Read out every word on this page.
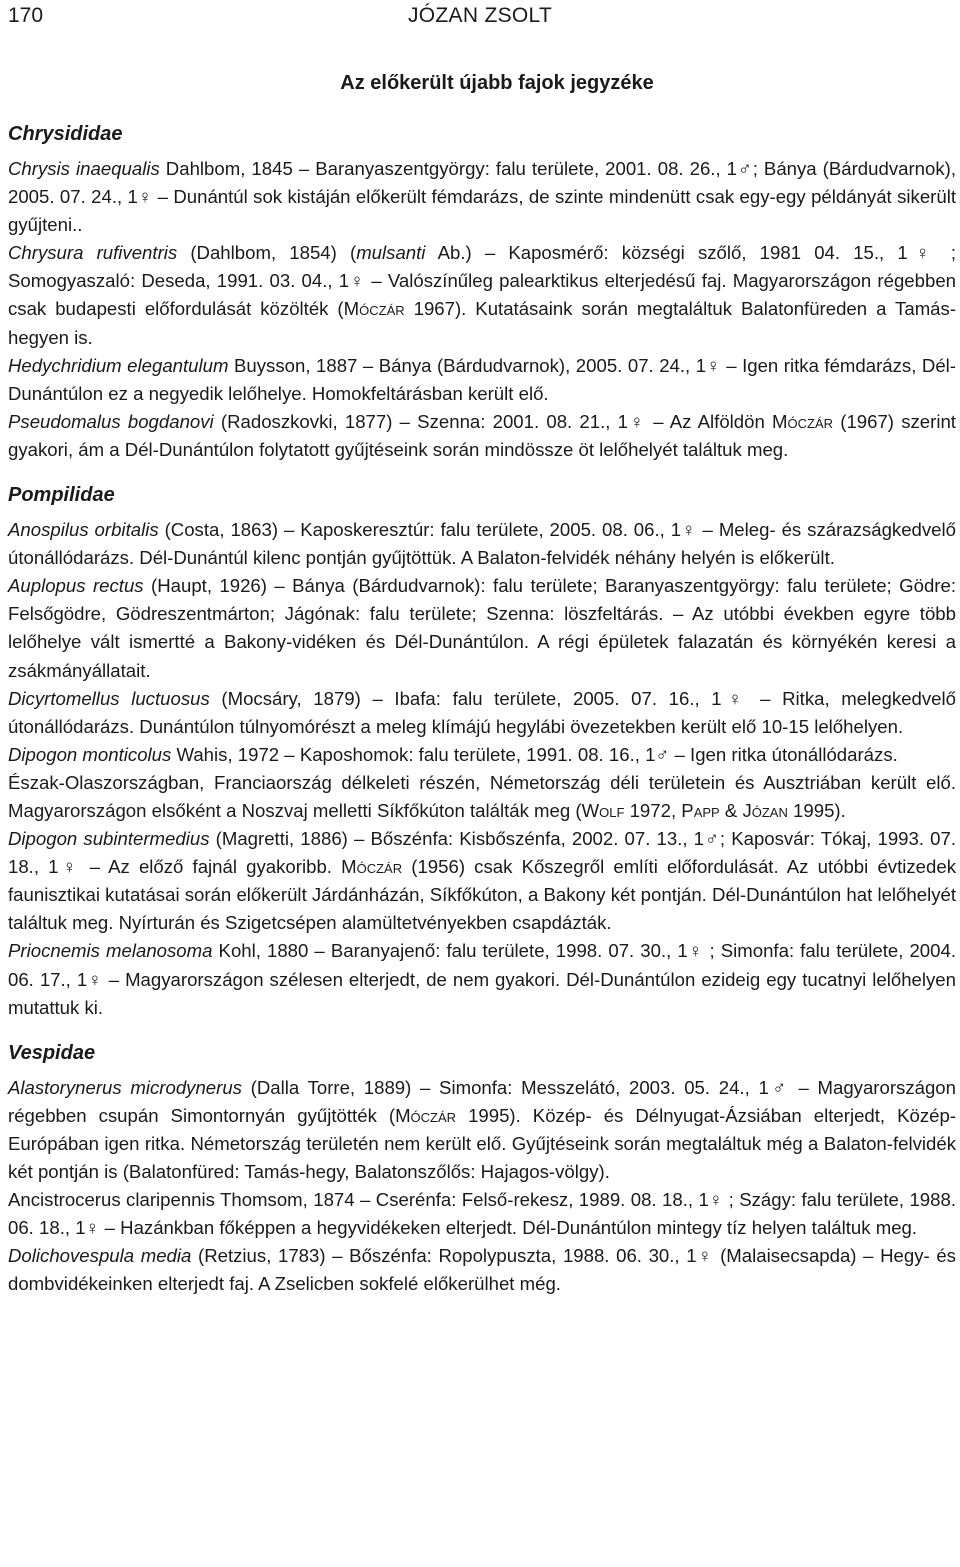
170	JÓZAN ZSOLT
Az előkerült újabb fajok jegyzéke
Chrysididae

Chrysis inaequalis Dahlbom, 1845 – Baranyaszentgyörgy: falu területe, 2001. 08. 26., 1♂; Bánya (Bárdudvarnok), 2005. 07. 24., 1♀ – Dunántúl sok kistáján előkerült fémdarázs, de szinte mindenütt csak egy-egy példányát sikerült gyűjteni..

Chrysura rufiventris (Dahlbom, 1854) (mulsanti Ab.) – Kaposmérő: községi szőlő, 1981 04. 15., 1♀ ; Somogyaszaló: Deseda, 1991. 03. 04., 1♀ – Valószínűleg palearktikus elterjedésű faj. Magyarországon régebben csak budapesti előfordulását közölték (Móczár 1967). Kutatásaink során megtaláltuk Balatonfüreden a Tamás-hegyen is.

Hedychridium elegantulum Buysson, 1887 – Bánya (Bárdudvarnok), 2005. 07. 24., 1♀ – Igen ritka fémdarázs, Dél-Dunántúlon ez a negyedik lelőhelye. Homokfeltárásban került elő.

Pseudomalus bogdanovi (Radoszkovki, 1877) – Szenna: 2001. 08. 21., 1♀ – Az Alföldön Móczár (1967) szerint gyakori, ám a Dél-Dunántúlon folytatott gyűjtéseink során mindössze öt lelőhelyét találtuk meg.

Pompilidae

Anospilus orbitalis (Costa, 1863) – Kaposkeresztúr: falu területe, 2005. 08. 06., 1♀ – Meleg- és szárazságkedvelő útonállódarázs. Dél-Dunántúl kilenc pontján gyűjtöttük. A Balaton-felvidék néhány helyén is előkerült.

Auplopus rectus (Haupt, 1926) – Bánya (Bárdudvarnok): falu területe; Baranyaszentgyörgy: falu területe; Gödre: Felsőgödre, Gödreszentmárton; Jágónak: falu területe; Szenna: löszfeltárás. – Az utóbbi években egyre több lelőhelye vált ismertté a Bakony-vidéken és Dél-Dunántúlon. A régi épületek falazatán és környékén keresi a zsákmányállatait.

Dicyrtomellus luctuosus (Mocsáry, 1879) – Ibafa: falu területe, 2005. 07. 16., 1♀ – Ritka, melegkedvelő útonállódarázs. Dunántúlon túlnyomórészt a meleg klímájú hegylábi övezetekben került elő 10-15 lelőhelyen.

Dipogon monticolus Wahis, 1972 – Kaposhomok: falu területe, 1991. 08. 16., 1♂ – Igen ritka útonállódarázs.

Észak-Olaszországban, Franciaország délkeleti részén, Németország déli területein és Ausztriában került elő. Magyarországon elsőként a Noszvaj melletti Síkfőkúton találták meg (Wolf 1972, Papp & Józan 1995).

Dipogon subintermedius (Magretti, 1886) – Bőszénfa: Kisbőszénfa, 2002. 07. 13., 1♂; Kaposvár: Tókaj, 1993. 07. 18., 1♀ – Az előző fajnál gyakoribb. Móczár (1956) csak Kőszegről említi előfordulását. Az utóbbi évtizedek faunisztikai kutatásai során előkerült Járdánházán, Síkfőkúton, a Bakony két pontján. Dél-Dunántúlon hat lelőhelyét találtuk meg. Nyírturán és Szigetcsépen alamültetvényekben csapdázták.

Priocnemis melanosoma Kohl, 1880 – Baranyajenő: falu területe, 1998. 07. 30., 1♀ ; Simonfa: falu területe, 2004. 06. 17., 1♀ – Magyarországon szélesen elterjedt, de nem gyakori. Dél-Dunántúlon ezideig egy tucatnyi lelőhelyen mutattuk ki.

Vespidae

Alastorynerus microdynerus (Dalla Torre, 1889) – Simonfa: Messzelátó, 2003. 05. 24., 1♂ – Magyarországon régebben csupán Simontornyán gyűjtötték (Móczár 1995). Közép- és Délnyugat-Ázsiában elterjedt, Közép-Európában igen ritka. Németország területén nem került elő. Gyűjtéseink során megtaláltuk még a Balaton-felvidék két pontján is (Balatonfüred: Tamás-hegy, Balatonszőlős: Hajagos-völgy).

Ancistrocerus claripennis Thomsom, 1874 – Cserénfa: Felső-rekesz, 1989. 08. 18., 1♀ ; Szágy: falu területe, 1988. 06. 18., 1♀ – Hazánkban főképpen a hegyvidékeken elterjedt. Dél-Dunántúlon mintegy tíz helyen találtuk meg.

Dolichovespula media (Retzius, 1783) – Bőszénfa: Ropolypuszta, 1988. 06. 30., 1♀ (Malaisecsapda) – Hegy- és dombvidékeinken elterjedt faj. A Zselicben sokfelé előkerülhet még.
